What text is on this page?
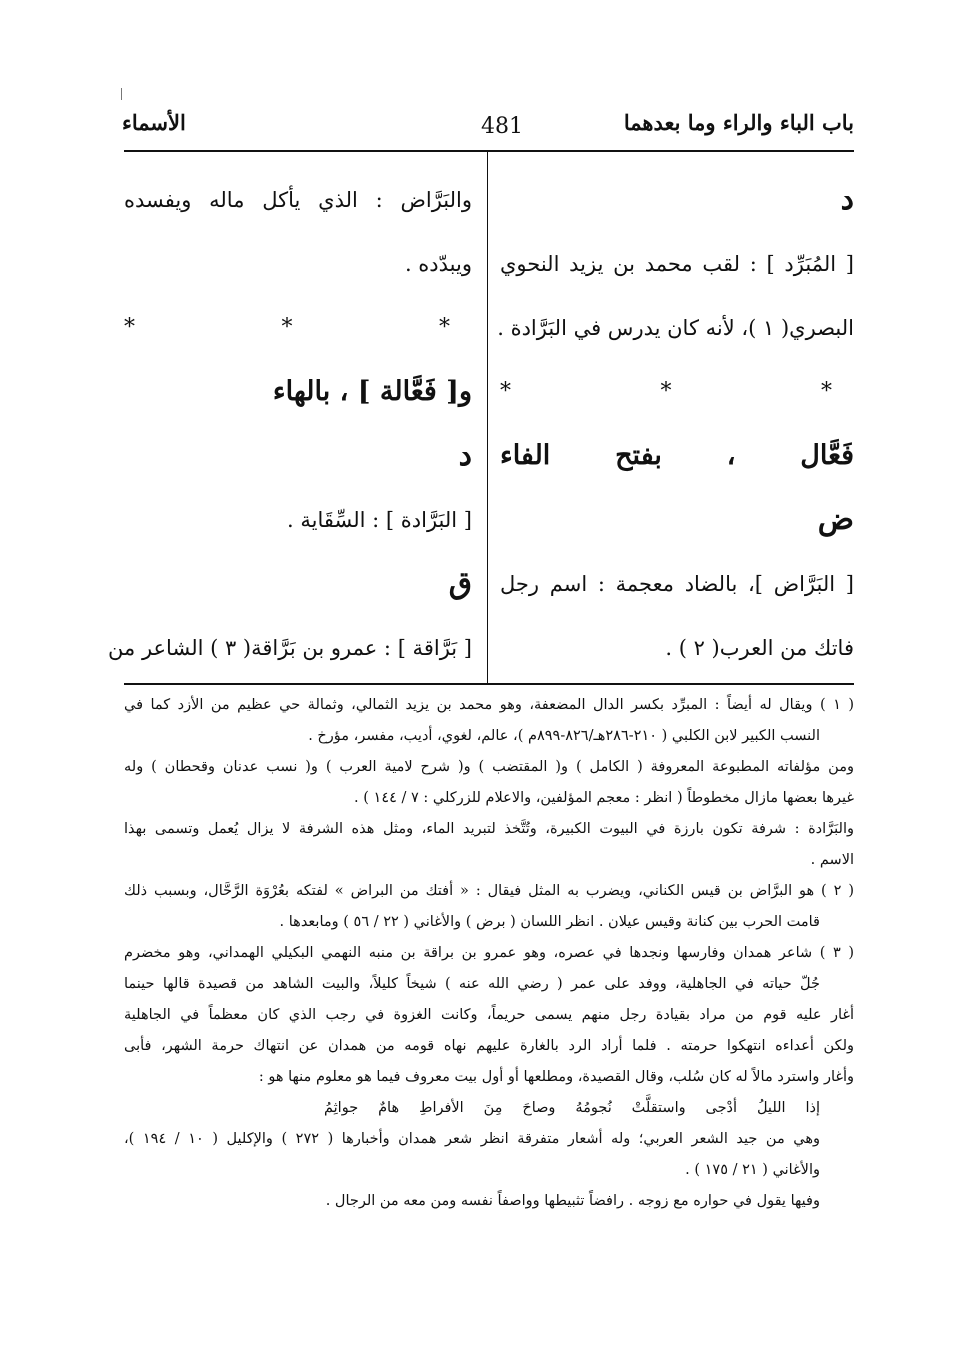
باب الباء والراء وما بعدهما
481
الأسماء
د
[ المُبَرِّد ] : لقب محمد بن يزيد النحوي
البصري( ١ )، لأنه كان يدرس في البَرَّادة .
* * *
فَعَّال ، بفتح الفاء
ض
[ البَرَّاض ]، بالضاد معجمة : اسم رجل
فاتك من العرب( ٢ ) .
والبَرَّاض : الذي يأكل ماله ويفسده
ويبدّده .
* * *
و[ فَعَّالة ] ، بالهاء
د
[ البَرَّادة ] : السِّقَاية .
ق
[ بَرَّاقة ] : عمرو بن بَرَّاقة( ٣ ) الشاعر من
( ١ ) ويقال له أيضاً : المبرِّد بكسر الدال المضعفة، وهو محمد بن يزيد الثمالي، وثمالة حي عظيم من الأزد كما في
النسب الكبير لابن الكلبي ( ٢١٠-٢٨٦هـ/٨٢٦-٨٩٩م )، عالم، لغوي، أديب، مفسر، مؤرخ .
ومن مؤلفاته المطبوعة المعروفة ( الكامل ) و( المقتضب ) و( شرح لامية العرب ) و( نسب عدنان وقحطان ) وله
غيرها بعضها مازال مخطوطاً ( انظر : معجم المؤلفين، والاعلام للزركلي : ٧ / ١٤٤ ) .
والبَرَّادة : شرفة تكون بارزة في البيوت الكبيرة، وتُتَّخذ لتبريد الماء، ومثل هذه الشرفة لا يزال يُعمل وتسمى بهذا
الاسم .
( ٢ ) هو البرَّاض بن قيس الكناني، ويضرب به المثل فيقال : « أفتك من البراض » لفتكه بعُرْوَة الرَّحَّال، وبسبب ذلك
قامت الحرب بين كنانة وقيس عيلان . انظر اللسان ( برض ) والأغاني ( ٢٢ / ٥٦ ) ومابعدها .
( ٣ ) شاعر همدان وفارسها ونجدها في عصره، وهو عمرو بن براقة بن منبه النهمي البكيلي الهمداني، وهو مخضرم
جُلّ حياته في الجاهلية، ووفد على عمر ( رضي الله عنه ) شيخاً كليلاً، والبيت الشاهد من قصيدة قالها حينما
أغار عليه قوم من مراد بقيادة رجل منهم يسمى حريماً، وكانت الغزوة في رجب الذي كان معظماً في الجاهلية
ولكن أعداءه انتهكوا حرمته . فلما أراد الرد بالغارة عليهم نهاه قومه من همدان عن انتهاك حرمة الشهر، فأبى
وأغار واسترد مالاً له كان سُلب، وقال القصيدة، ومطلعها أو أول بيت معروف فيما هو معلوم منها هو :
إذا الليلُ أدْجى واستقلَّتْ نُجومُهُ وصاحَ مِنَ الأفراطِ هامٌ جواثِمُ
وهي من جيد الشعر العربي؛ وله أشعار متفرقة انظر شعر همدان وأخبارها ( ٢٧٢ ) والإكليل ( ١٠ / ١٩٤ )،
والأغاني ( ٢١ / ١٧٥ ) .
وفيها يقول في حواره مع زوجه . رافضاً تثبيطها وواصفاً نفسه ومن معه من الرجال .
